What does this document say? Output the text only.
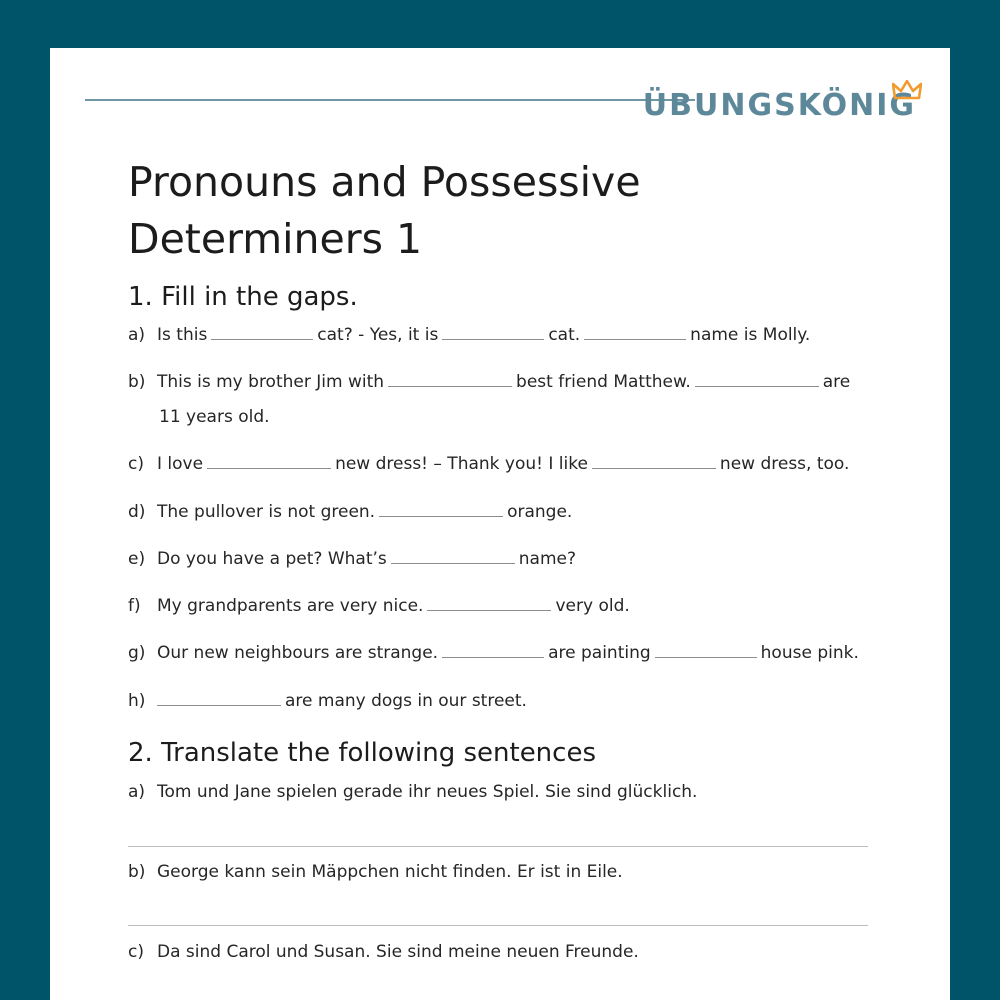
ÜBUNGSKÖNIG
Pronouns and Possessive
Determiners 1
1. Fill in the gaps.
a) Is this	cat? - Yes, it is	cat.	name is Molly.
b) This is my brother Jim with	best friend Matthew.	are
11 years old.
c) I love	new dress! – Thank you! I like	new dress, too.
d) The pullover is not green.	orange.
e) Do you have a pet? What’s	name?
f) My grandparents are very nice.	very old.
g) Our new neighbours are strange.	are painting	house pink.
h)	are many dogs in our street.
2. Translate the following sentences
a) Tom und Jane spielen gerade ihr neues Spiel. Sie sind glücklich.
b) George kann sein Mäppchen nicht finden. Er ist in Eile.
c) Da sind Carol und Susan. Sie sind meine neuen Freunde.
